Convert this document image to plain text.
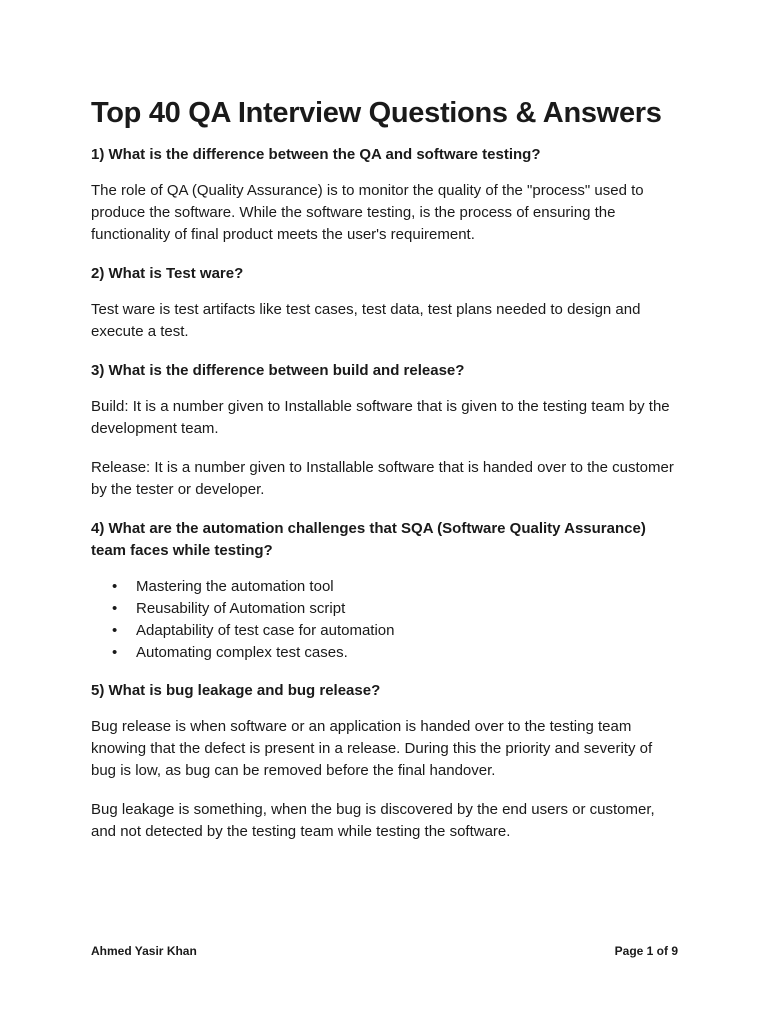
Top 40 QA Interview Questions & Answers

1) What is the difference between the QA and software testing?

The role of QA (Quality Assurance) is to monitor the quality of the "process" used to produce the software. While the software testing, is the process of ensuring the functionality of final product meets the user's requirement.

2) What is Test ware?

Test ware is test artifacts like test cases, test data, test plans needed to design and execute a test.

3) What is the difference between build and release?

Build: It is a number given to Installable software that is given to the testing team by the development team.

Release: It is a number given to Installable software that is handed over to the customer by the tester or developer.

4) What are the automation challenges that SQA (Software Quality Assurance) team faces while testing?

• Mastering the automation tool
• Reusability of Automation script
• Adaptability of test case for automation
• Automating complex test cases.

5) What is bug leakage and bug release?

Bug release is when software or an application is handed over to the testing team knowing that the defect is present in a release. During this the priority and severity of bug is low, as bug can be removed before the final handover.

Bug leakage is something, when the bug is discovered by the end users or customer, and not detected by the testing team while testing the software.

Ahmed Yasir Khan	Page 1 of 9
